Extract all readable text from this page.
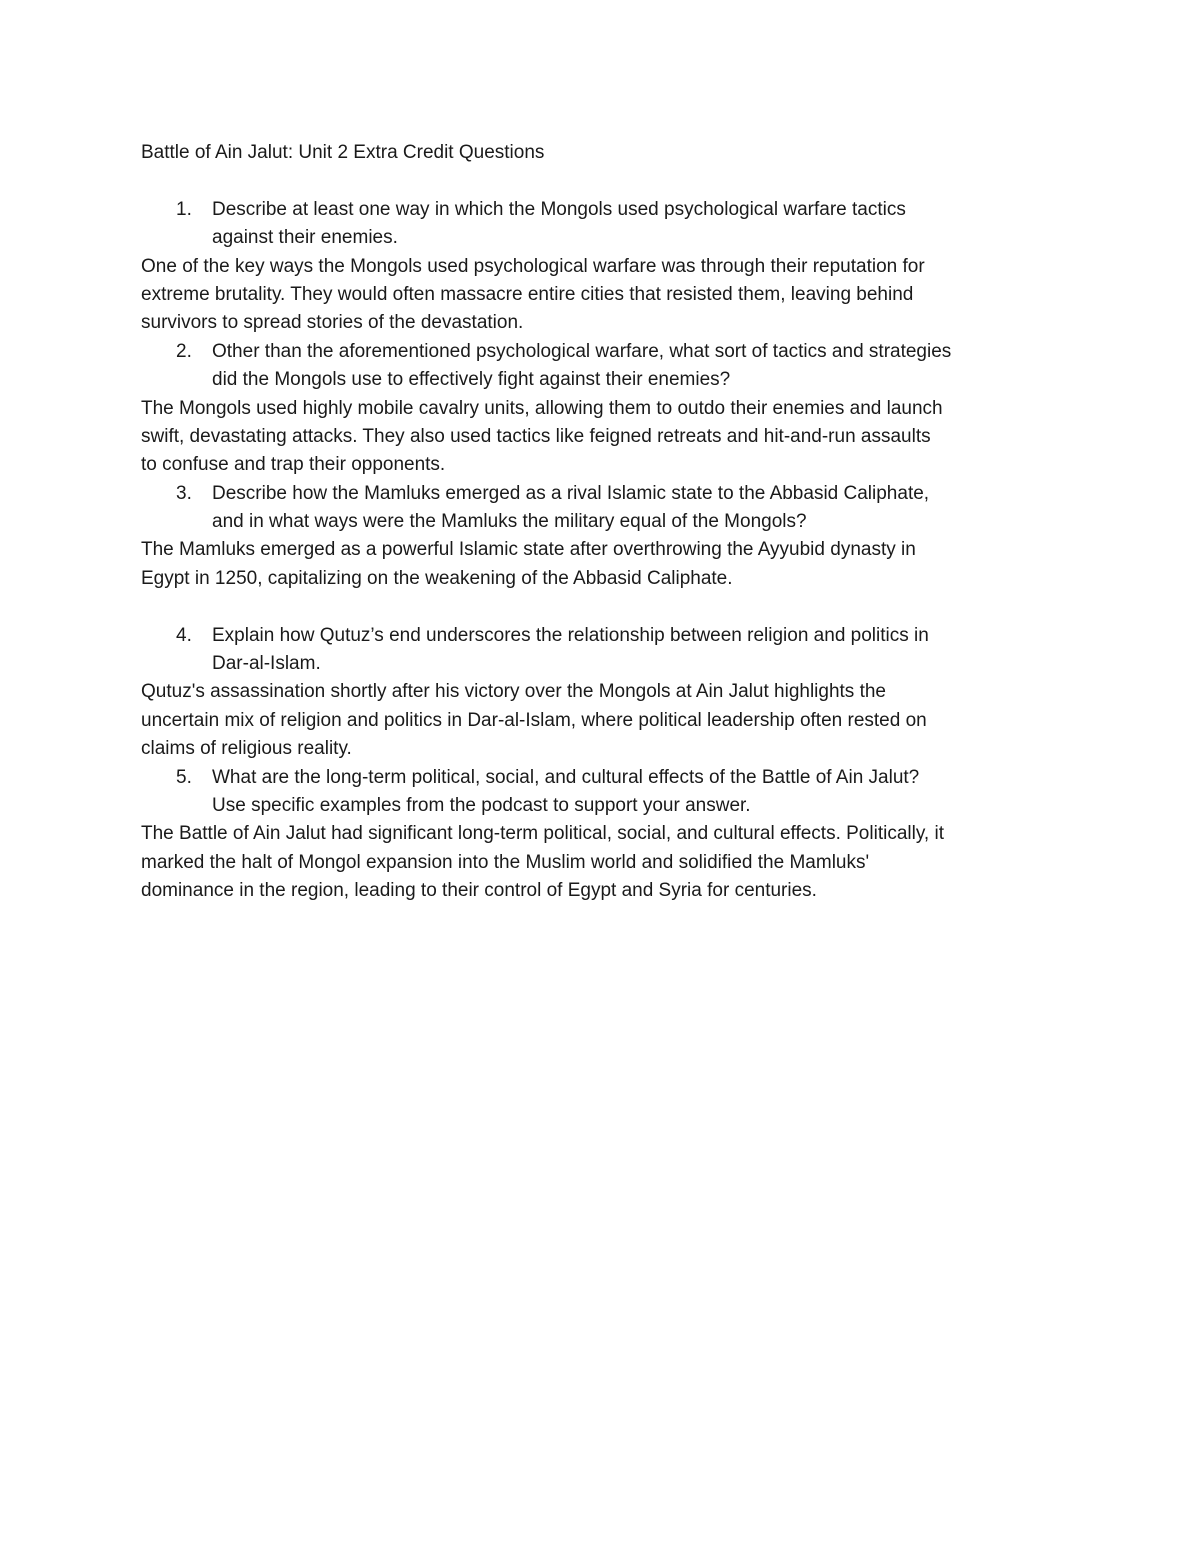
Battle of Ain Jalut: Unit 2 Extra Credit Questions
1. Describe at least one way in which the Mongols used psychological warfare tactics
against their enemies.
One of the key ways the Mongols used psychological warfare was through their reputation for
extreme brutality. They would often massacre entire cities that resisted them, leaving behind
survivors to spread stories of the devastation.
2. Other than the aforementioned psychological warfare, what sort of tactics and strategies
did the Mongols use to effectively fight against their enemies?
The Mongols used highly mobile cavalry units, allowing them to outdo their enemies and launch
swift, devastating attacks. They also used tactics like feigned retreats and hit-and-run assaults
to confuse and trap their opponents.
3. Describe how the Mamluks emerged as a rival Islamic state to the Abbasid Caliphate,
and in what ways were the Mamluks the military equal of the Mongols?
The Mamluks emerged as a powerful Islamic state after overthrowing the Ayyubid dynasty in
Egypt in 1250, capitalizing on the weakening of the Abbasid Caliphate.
4. Explain how Qutuz’s end underscores the relationship between religion and politics in
Dar-al-Islam.
Qutuz's assassination shortly after his victory over the Mongols at Ain Jalut highlights the
uncertain mix of religion and politics in Dar-al-Islam, where political leadership often rested on
claims of religious reality.
5. What are the long-term political, social, and cultural effects of the Battle of Ain Jalut?
Use specific examples from the podcast to support your answer.
The Battle of Ain Jalut had significant long-term political, social, and cultural effects. Politically, it
marked the halt of Mongol expansion into the Muslim world and solidified the Mamluks'
dominance in the region, leading to their control of Egypt and Syria for centuries.
